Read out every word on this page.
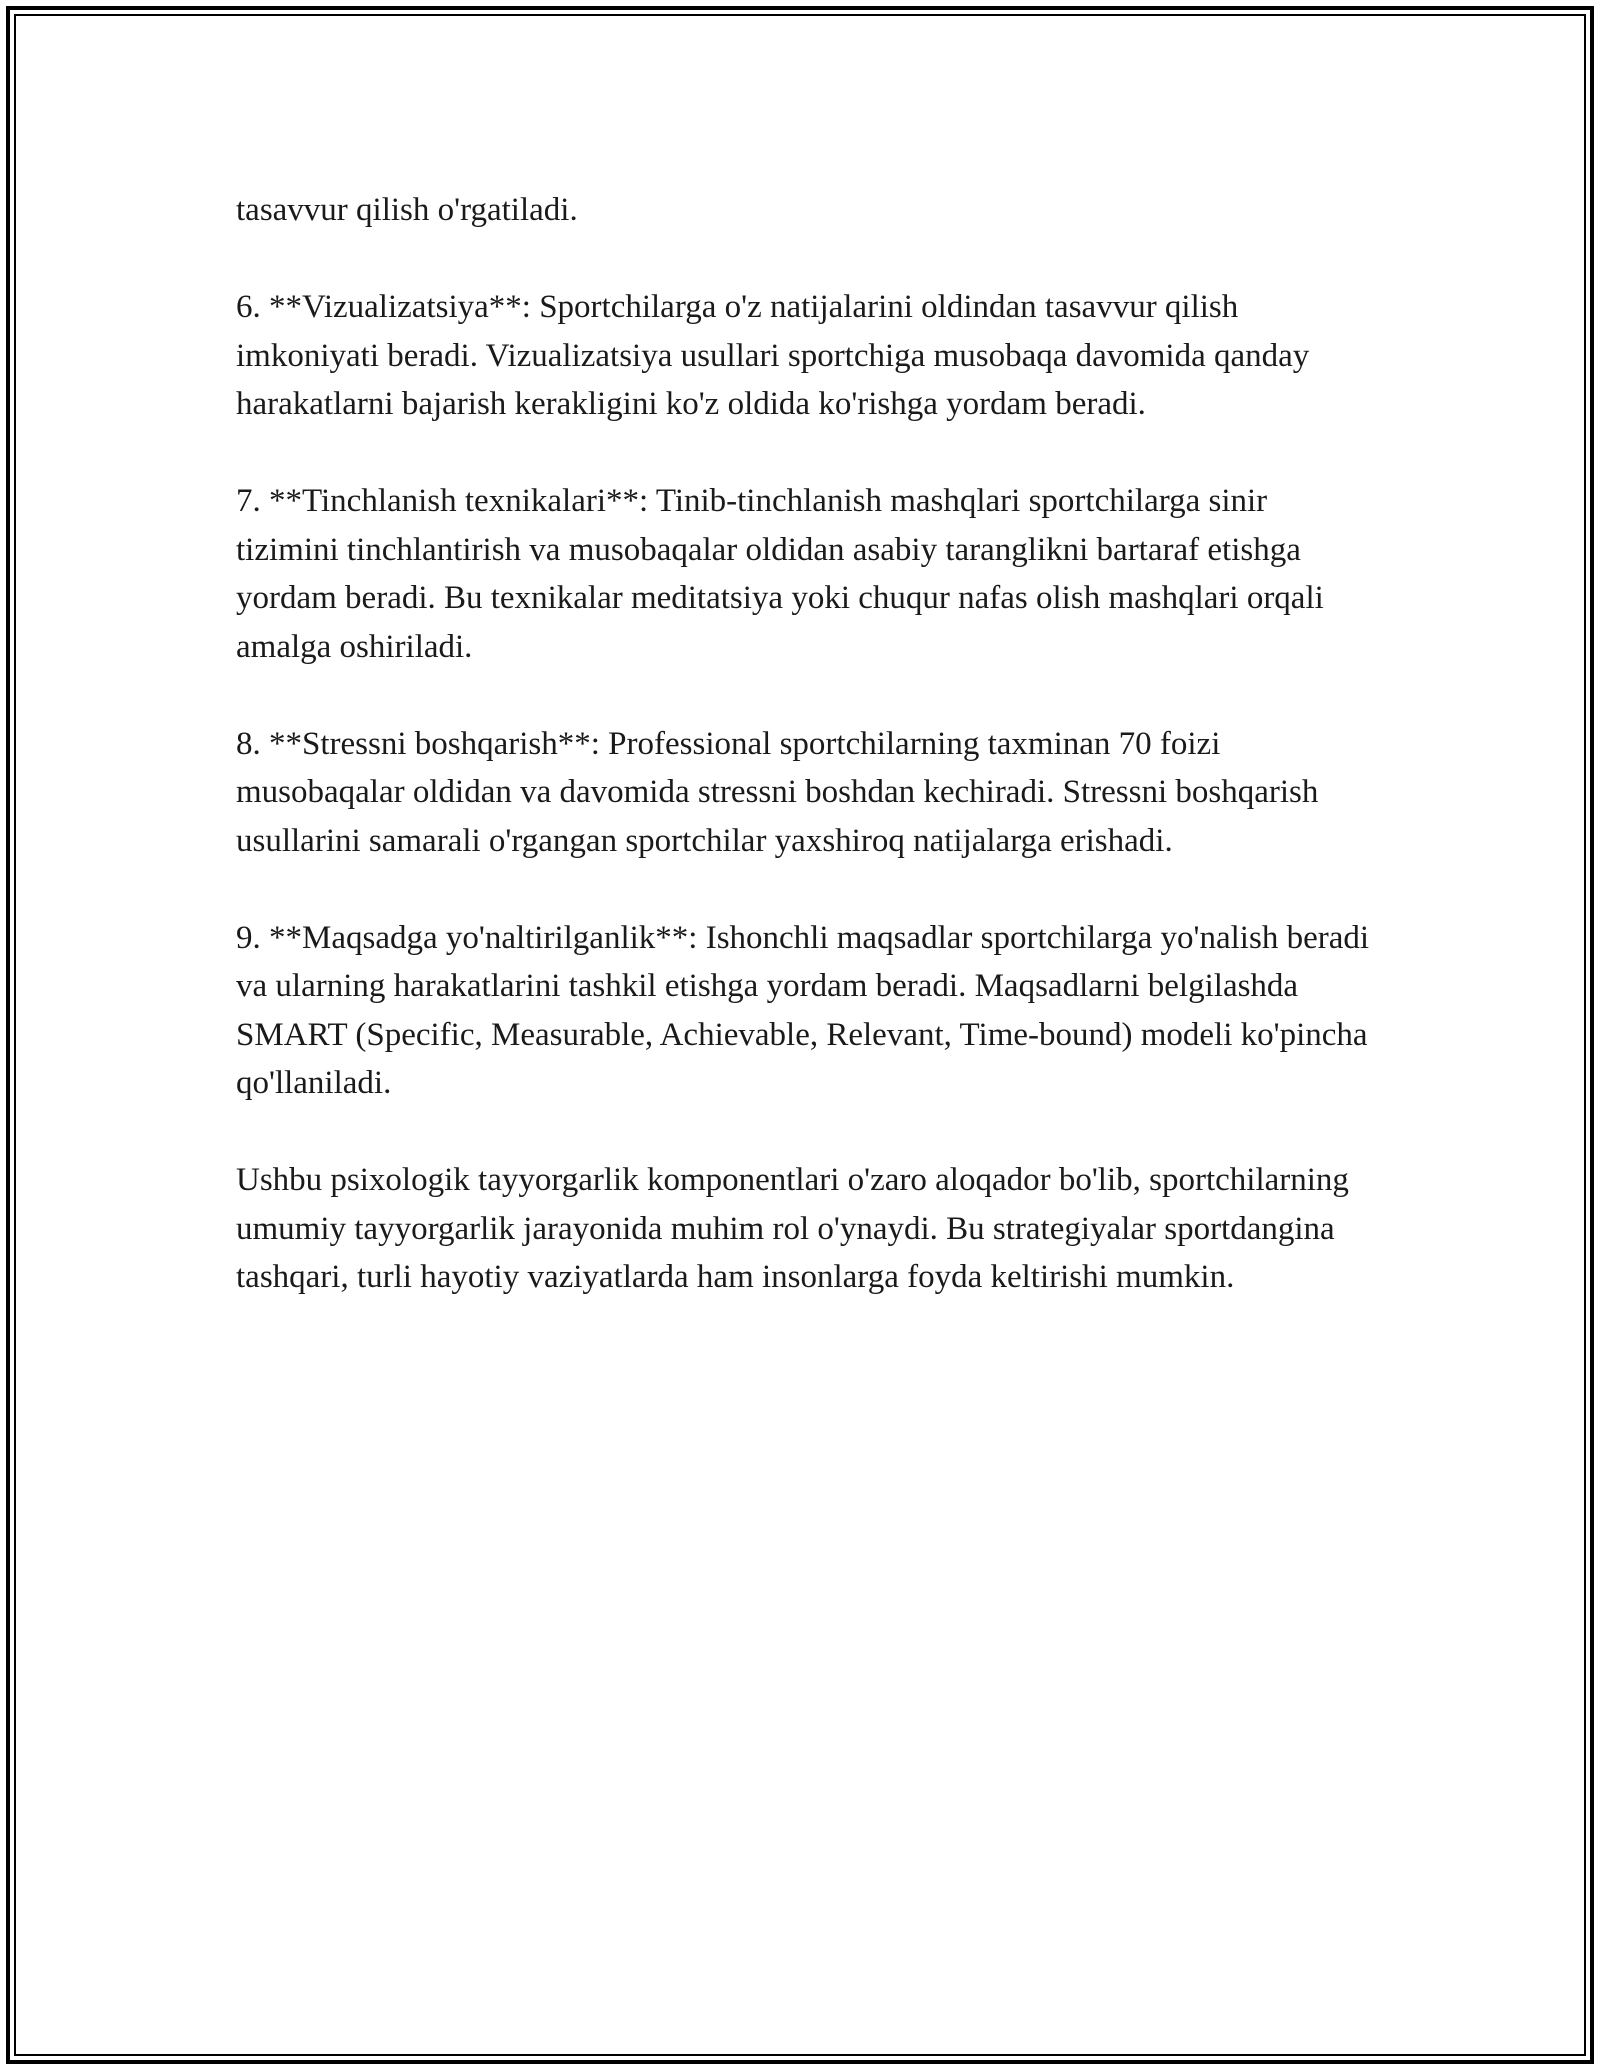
tasavvur qilish o'rgatiladi.

6. **Vizualizatsiya**: Sportchilarga o'z natijalarini oldindan tasavvur qilish imkoniyati beradi. Vizualizatsiya usullari sportchiga musobaqa davomida qanday harakatlarni bajarish kerakligini ko'z oldida ko'rishga yordam beradi.

7. **Tinchlanish texnikalari**: Tinib-tinchlanish mashqlari sportchilarga sinir tizimini tinchlantirish va musobaqalar oldidan asabiy taranglikni bartaraf etishga yordam beradi. Bu texnikalar meditatsiya yoki chuqur nafas olish mashqlari orqali amalga oshiriladi.

8. **Stressni boshqarish**: Professional sportchilarning taxminan 70 foizi musobaqalar oldidan va davomida stressni boshdan kechiradi. Stressni boshqarish usullarini samarali o'rgangan sportchilar yaxshiroq natijalarga erishadi.

9. **Maqsadga yo'naltirilganlik**: Ishonchli maqsadlar sportchilarga yo'nalish beradi va ularning harakatlarini tashkil etishga yordam beradi. Maqsadlarni belgilashda SMART (Specific, Measurable, Achievable, Relevant, Time-bound) modeli ko'pincha qo'llaniladi.

Ushbu psixologik tayyorgarlik komponentlari o'zaro aloqador bo'lib, sportchilarning umumiy tayyorgarlik jarayonida muhim rol o'ynaydi. Bu strategiyalar sportdangina tashqari, turli hayotiy vaziyatlarda ham insonlarga foyda keltirishi mumkin.
